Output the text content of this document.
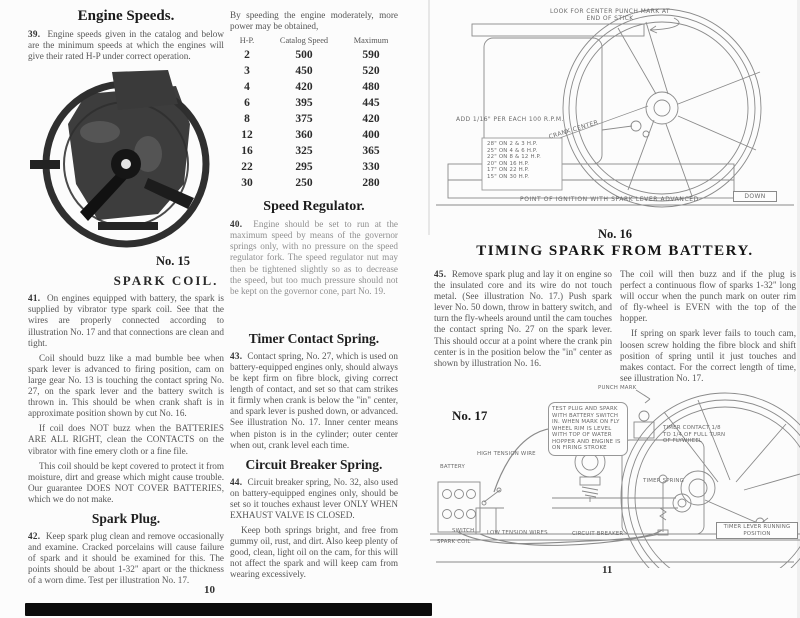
Engine Speeds.

39. Engine speeds given in the catalog and below are the minimum speeds at which the engines will give their rated H-P under correct operation.

No. 15
SPARK COIL.

41. On engines equipped with battery, the spark is supplied by vibrator type spark coil. See that the wires are properly connected according to illustration No. 17 and that connections are clean and tight.

Coil should buzz like a mad bumble bee when spark lever is advanced to firing position, cam on large gear No. 13 is touching the contact spring No. 27, on the spark lever and the battery switch is thrown in. This should be when crank shaft is in approximate position shown by cut No. 16.

If coil does NOT buzz when the BATTERIES ARE ALL RIGHT, clean the CONTACTS on the vibrator with fine emery cloth or a fine file.

This coil should be kept covered to protect it from moisture, dirt and grease which might cause trouble. Our guarantee DOES NOT COVER BATTERIES, which we do not make.

Spark Plug.

42. Keep spark plug clean and remove occasionally and examine. Cracked porcelains will cause failure of spark and it should be examined for this. The points should be about 1-32" apart or the thickness of a worn dime. Test per illustration No. 17.

By speeding the engine moderately, more power may be obtained,

H-P.	Catalog Speed	Maximum
2	500	590
3	450	520
4	420	480
6	395	445
8	375	420
12	360	400
16	325	365
22	295	330
30	250	280
Speed Regulator.

40. Engine should be set to run at the maximum speed by means of the governor springs only, with no pressure on the speed regulator fork. The speed regulator nut may then be tightened slightly so as to decrease the speed, but too much pressure should not be kept on the governor cone, part No. 19.

Timer Contact Spring.

43. Contact spring, No. 27, which is used on battery-equipped engines only, should always be kept firm on fibre block, giving correct length of contact, and set so that cam strikes it firmly when crank is below the "in" center, and spark lever is pushed down, or advanced. See illustration No. 17. Inner center means when piston is in the cylinder; outer center when out, crank level each time.

Circuit Breaker Spring.

44. Circuit breaker spring, No. 32, also used on battery-equipped engines only, should be set so it touches exhaust lever ONLY WHEN EXHAUST VALVE IS CLOSED.

Keep both springs bright, and free from gummy oil, rust, and dirt. Also keep plenty of good, clean, light oil on the cam, for this will not affect the spark and will keep cam from wearing excessively.

10
LOOK FOR CENTER PUNCH MARK AT END OF STICK
ADD 1/16" PER EACH 100 R.P.M.
28" ON 2 & 3 H.P.
25" ON 4 & 6 H.P.
22" ON 8 & 12 H.P.
20" ON 16 H.P.
17" ON 22 H.P.
15" ON 30 H.P.
CRANK CENTER
POINT OF IGNITION WITH SPARK LEVER ADVANCED	DOWN
No. 16
TIMING SPARK FROM BATTERY.

45. Remove spark plug and lay it on engine so the insulated core and its wire do not touch metal. (See illustration No. 17.) Push spark lever No. 50 down, throw in battery switch, and turn the fly-wheels around until the cam touches the contact spring No. 27 on the spark lever. This should occur at a point where the crank pin center is in the position below the "in" center as shown by illustration No. 16.

The coil will then buzz and if the plug is perfect a continuous flow of sparks 1-32" long will occur when the punch mark on outer rim of fly-wheel is EVEN with the top of the hopper.

If spring on spark lever fails to touch cam, loosen screw holding the fibre block and shift position of spring until it just touches and makes contact. For the correct length of time, see illustration No. 17.

No. 17
PUNCH MARK
TEST PLUG AND SPARK WITH BATTERY SWITCH IN. WHEN MARK ON FLY WHEEL RIM IS LEVEL WITH TOP OF WATER HOPPER AND ENGINE IS ON FIRING STROKE
HIGH TENSION WIRE
BATTERY
SWITCH
SPARK COIL
LOW TENSION WIRES	CIRCUIT BREAKER
TIMER CONTACT 1/8 TO 1/4 OF FULL TURN OF FLYWHEEL
TIMER SPRING
TIMER LEVER RUNNING POSITION
11
